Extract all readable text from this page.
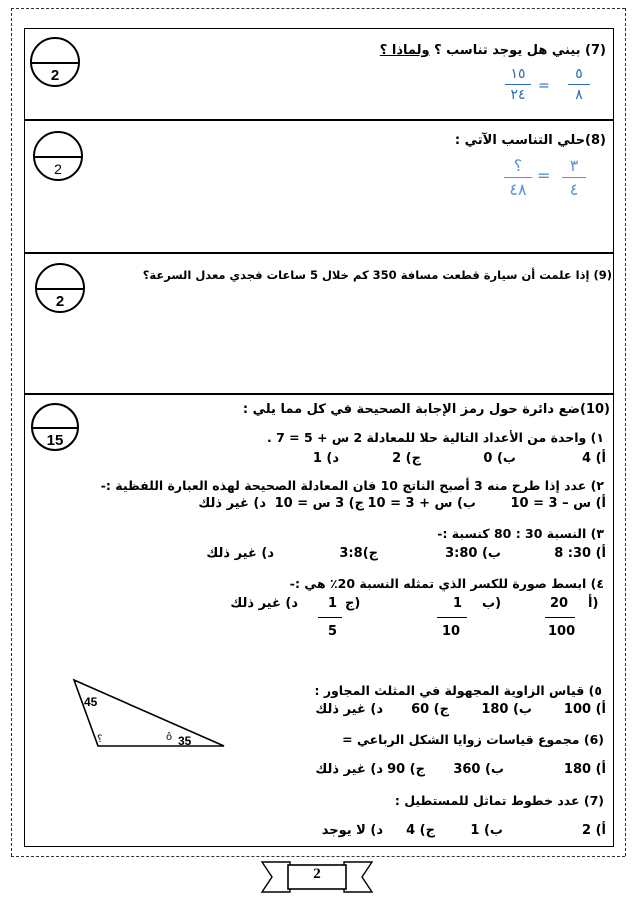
2
2
2
15
(7) بيني هل يوجد تناسب ؟ ولماذا ؟
٥
٨
=
١٥
٢٤
(8)حلي التناسب الآتي :
٣
٤
=
؟
٤٨
(9) إذا علمت أن سيارة قطعت مسافة 350 كم خلال 5 ساعات فجدي معدل السرعة؟
(10)ضع دائرة حول رمز الإجابة الصحيحة في كل مما يلي :
١) واحدة من الأعداد التالية حلا للمعادلة 2 س + 5 = 7 .
أ) 4
ب) 0
ج) 2
د) 1
٢) عدد إذا طرح منه 3 أصبح الناتج 10 فان المعادلة الصحيحة لهذه العبارة اللفظية :-
أ) س – 3 = 10
ب) س + 3 = 10
ج) 3 س = 10
د) غير ذلك
٣) النسبة 30 : 80 كنسبة :-
أ) 30: 8
ب) 3:80
ج)3:8
د) غير ذلك
٤) ابسط صورة للكسر الذي تمثله النسبة 20٪ هي :-
أ)
20
100
ب)
1
10
ج)
1
5
د) غير ذلك
45
؟	ô 35
٥) قياس الزاوية المجهولة في المثلث المجاور :
أ) 100
ب) 180
ج) 60
د) غير ذلك
(6) مجموع قياسات زوايا الشكل الرباعي =
أ) 180
ب) 360
ج) 90
د) غير ذلك
(7) عدد خطوط تماثل للمستطيل :
أ) 2
ب) 1
ج) 4
د) لا يوجد
2
